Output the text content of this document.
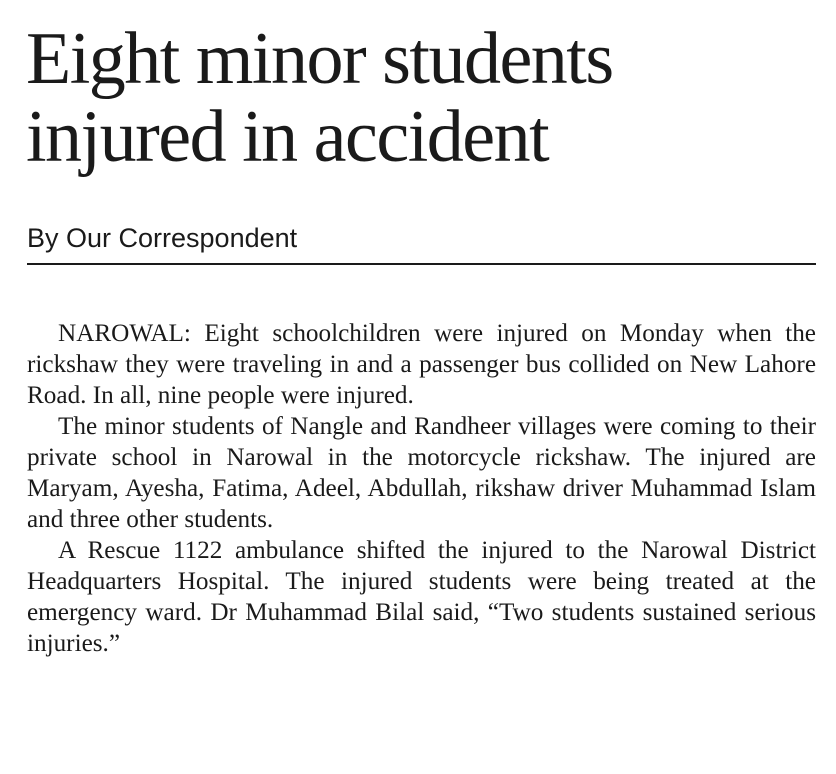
Eight minor students
injured in accident

By Our Correspondent

NAROWAL: Eight schoolchildren were injured on Monday when the rickshaw they were traveling in and a passenger bus collided on New Lahore Road. In all, nine people were injured.

The minor students of Nangle and Randheer villages were coming to their private school in Narowal in the motorcycle rickshaw. The injured are Maryam, Ayesha, Fatima, Adeel, Abdullah, rikshaw driver Muhammad Islam and three other students.

A Rescue 1122 ambulance shifted the injured to the Narowal District Headquarters Hospital. The injured students were being treated at the emergency ward. Dr Muhammad Bilal said, “Two students sustained serious injuries.”
